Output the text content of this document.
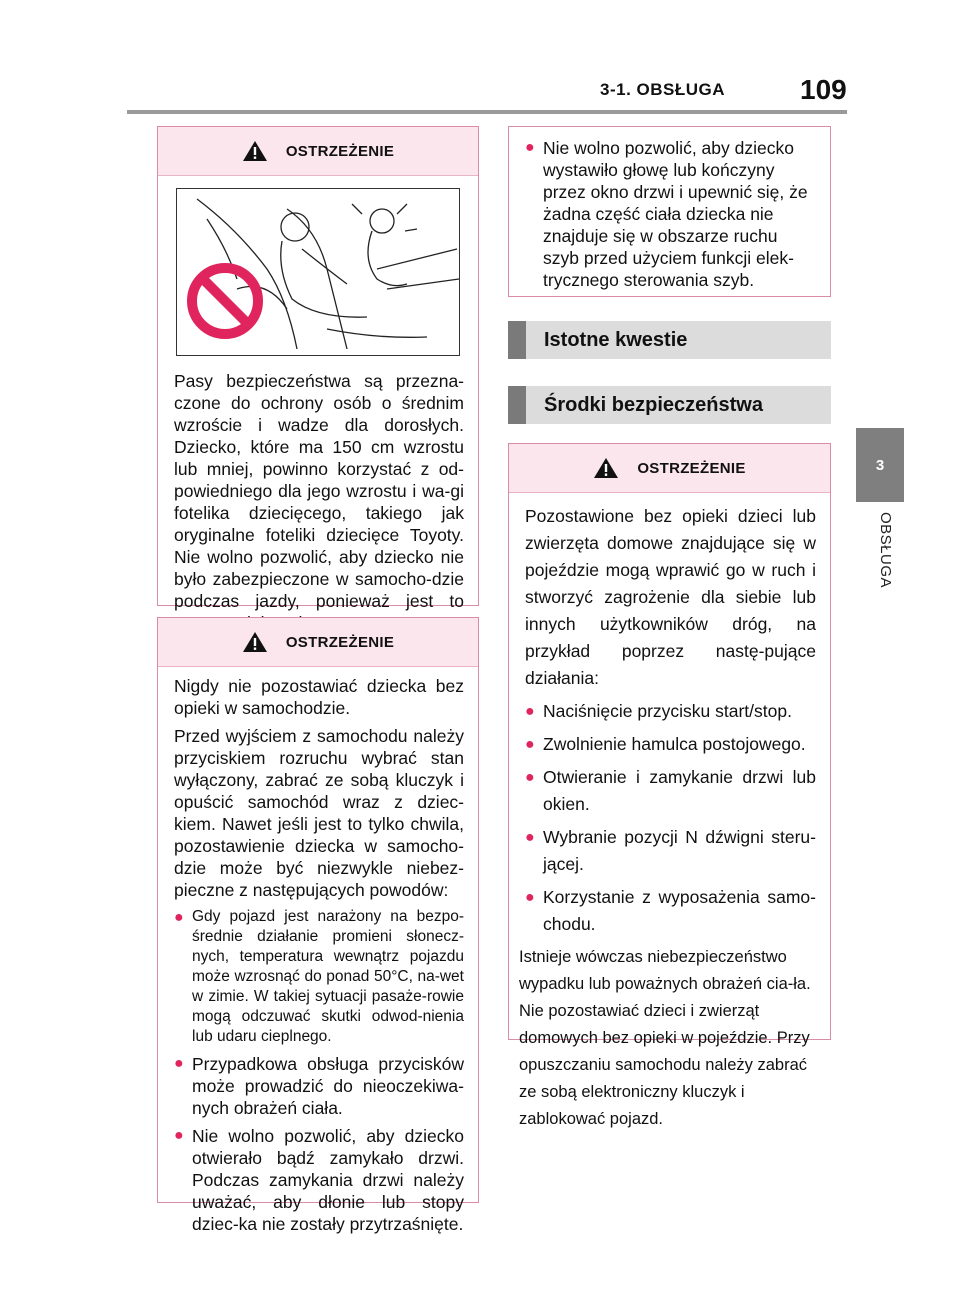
3-1. OBSŁUGA	109
3
OBSŁUGA
OSTRZEŻENIE

Pasy bezpieczeństwa są przezna-czone do ochrony osób o średnim wzroście i wadze dla dorosłych. Dziecko, które ma 150 cm wzrostu lub mniej, powinno korzystać z od-powiedniego dla jego wzrostu i wa-gi fotelika dziecięcego, takiego jak oryginalne foteliki dziecięce Toyoty. Nie wolno pozwolić, aby dziecko nie było zabezpieczone w samocho-dzie podczas jazdy, ponieważ jest to

OSTRZEŻENIE

Nigdy nie pozostawiać dziecka bez opieki w samochodzie.

Przed wyjściem z samochodu należy przyciskiem rozruchu wybrać stan wyłączony, zabrać ze sobą kluczyk i opuścić samochód wraz z dziec-kiem. Nawet jeśli jest to tylko chwila, pozostawienie dziecka w samocho-dzie może być niezwykle niebez-pieczne z następujących powodów:

● Gdy pojazd jest narażony na bezpo-średnie działanie promieni słonecz-nych, temperatura wewnątrz pojazdu może wzrosnąć do ponad 50°C, na-wet w zimie. W takiej sytuacji pasaże-rowie mogą odczuwać skutki odwod-nienia lub udaru cieplnego.
● Przypadkowa obsługa przycisków może prowadzić do nieoczekiwa-nych obrażeń ciała.
● Nie wolno pozwolić, aby dziecko otwierało bądź zamykało drzwi. Podczas zamykania drzwi należy uważać, aby dłonie lub stopy dziec-ka nie zostały przytrzaśnięte.
● Nie wolno pozwolić, aby dziecko wystawiło głowę lub kończyny przez okno drzwi i upewnić się, że żadna część ciała dziecka nie znajduje się w obszarze ruchu szyb przed użyciem funkcji elek-trycznego sterowania szyb.
Istotne kwestie
Środki bezpieczeństwa
OSTRZEŻENIE

Pozostawione bez opieki dzieci lub zwierzęta domowe znajdujące się w pojeździe mogą wprawić go w ruch i stworzyć zagrożenie dla siebie lub innych użytkowników dróg, na przykład poprzez nastę-pujące działania:

● Naciśnięcie przycisku start/stop.
● Zwolnienie hamulca postojowego.
● Otwieranie i zamykanie drzwi lub okien.
● Wybranie pozycji N dźwigni steru-jącej.
● Korzystanie z wyposażenia samo-chodu.

Istnieje wówczas niebezpieczeństwo wypadku lub poważnych obrażeń cia-ła. Nie pozostawiać dzieci i zwierząt domowych bez opieki w pojeździe. Przy opuszczaniu samochodu należy zabrać ze sobą elektroniczny kluczyk i zablokować pojazd.
